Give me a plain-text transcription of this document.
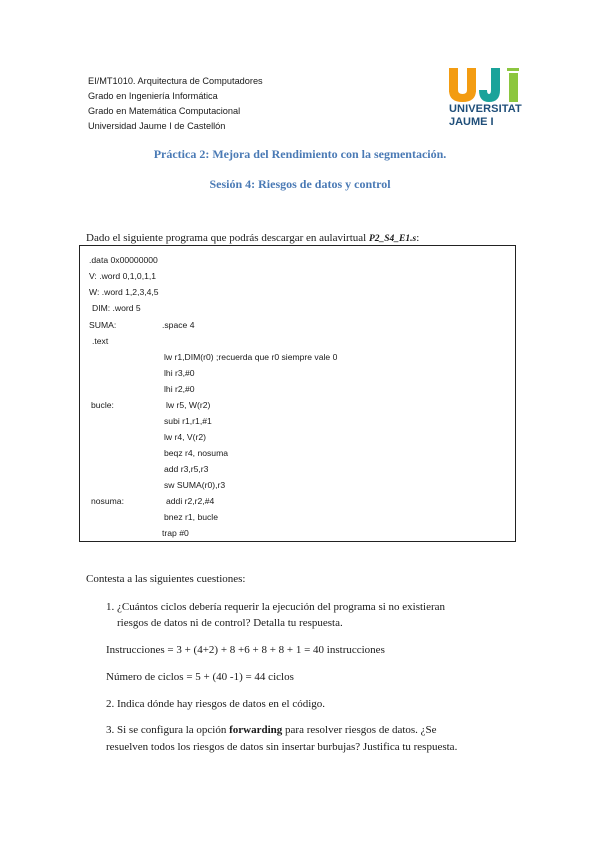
EI/MT1010. Arquitectura de Computadores
Grado en Ingeniería Informática
Grado en Matemática Computacional
Universidad Jaume I de Castellón
UNIVERSITAT
JAUME I
Práctica 2: Mejora del Rendimiento con la segmentación.
Sesión 4: Riesgos de datos y control
Dado el siguiente programa que podrás descargar en aulavirtual P2_S4_E1.s:
.data 0x00000000
V: .word 0,1,0,1,1
W: .word 1,2,3,4,5
DIM: .word 5
SUMA:	.space 4
.text
lw r1,DIM(r0) ;recuerda que r0 siempre vale 0
lhi r3,#0
lhi r2,#0
bucle:	lw r5, W(r2)
subi r1,r1,#1
lw r4, V(r2)
beqz r4, nosuma
add r3,r5,r3
sw SUMA(r0),r3
nosuma:	addi r2,r2,#4
bnez r1, bucle
trap #0
Contesta a las siguientes cuestiones:
1. ¿Cuántos ciclos debería requerir la ejecución del programa si no existieran
riesgos de datos ni de control? Detalla tu respuesta.
Instrucciones = 3 + (4+2) + 8 +6 + 8 + 8 + 1 = 40 instrucciones
Número de ciclos = 5 + (40 -1) = 44 ciclos
2. Indica dónde hay riesgos de datos en el código.
3. Si se configura la opción forwarding para resolver riesgos de datos. ¿Se
resuelven todos los riesgos de datos sin insertar burbujas? Justifica tu respuesta.
